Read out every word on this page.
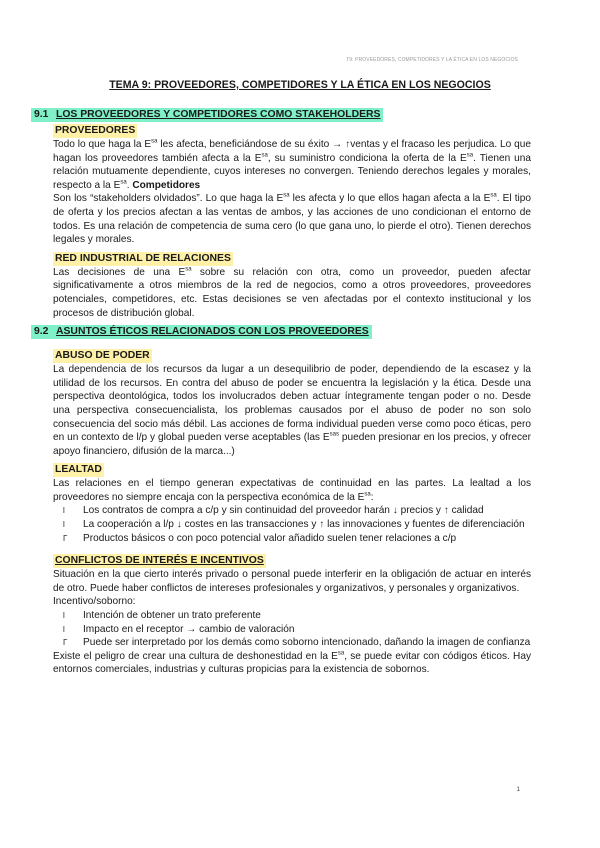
T9: PROVEEDORES, COMPETIDORES Y LA ÉTICA EN LOS NEGOCIOS
TEMA 9: PROVEEDORES, COMPETIDORES Y LA ÉTICA EN LOS NEGOCIOS
9.1 LOS PROVEEDORES Y COMPETIDORES COMO STAKEHOLDERS
PROVEEDORES

Todo lo que haga la $E^{sa}$ les afecta, beneficiándose de su éxito → ↑ventas y el fracaso les perjudica. Lo que hagan los proveedores también afecta a la $E^{sa}$, su suministro condiciona la oferta de la $E^{sa}$. Tienen una relación mutuamente dependiente, cuyos intereses no convergen. Teniendo derechos legales y morales, respecto a la $E^{sa}$. Competidores

Son los “stakeholders olvidados”. Lo que haga la $E^{sa}$ les afecta y lo que ellos hagan afecta a la $E^{sa}$. El tipo de oferta y los precios afectan a las ventas de ambos, y las acciones de uno condicionan el entorno de todos. Es una relación de competencia de suma cero (lo que gana uno, lo pierde el otro). Tienen derechos legales y morales.

RED INDUSTRIAL DE RELACIONES

Las decisiones de una $E^{sa}$ sobre su relación con otra, como un proveedor, pueden afectar significativamente a otros miembros de la red de negocios, como a otros proveedores, proveedores potenciales, competidores, etc. Estas decisiones se ven afectadas por el contexto institucional y los procesos de distribución global.

9.2 ASUNTOS ÉTICOS RELACIONADOS CON LOS PROVEEDORES
ABUSO DE PODER

La dependencia de los recursos da lugar a un desequilibrio de poder, dependiendo de la escasez y la utilidad de los recursos. En contra del abuso de poder se encuentra la legislación y la ética. Desde una perspectiva deontológica, todos los involucrados deben actuar íntegramente tengan poder o no. Desde una perspectiva consecuencialista, los problemas causados por el abuso de poder no son solo consecuencia del socio más débil. Las acciones de forma individual pueden verse como poco éticas, pero en un contexto de l/p y global pueden verse aceptables (las $E^{sas}$ pueden presionar en los precios, y ofrecer apoyo financiero, difusión de la marca...)

LEALTAD

Las relaciones en el tiempo generan expectativas de continuidad en las partes. La lealtad a los proveedores no siempre encaja con la perspectiva económica de la $E^{sa}$:

l Los contratos de compra a c/p y sin continuidad del proveedor harán ↓ precios y ↑ calidad
l La cooperación a l/p ↓ costes en las transacciones y ↑ las innovaciones y fuentes de diferenciación
Г Productos básicos o con poco potencial valor añadido suelen tener relaciones a c/p
CONFLICTOS DE INTERÉS E INCENTIVOS

Situación en la que cierto interés privado o personal puede interferir en la obligación de actuar en interés de otro. Puede haber conflictos de intereses profesionales y organizativos, y personales y organizativos.

Incentivo/soborno:

l Intención de obtener un trato preferente
l Impacto en el receptor → cambio de valoración
Г Puede ser interpretado por los demás como soborno intencionado, dañando la imagen de confianza

Existe el peligro de crear una cultura de deshonestidad en la $E^{sa}$, se puede evitar con códigos éticos. Hay entornos comerciales, industrias y culturas propicias para la existencia de sobornos.

1
